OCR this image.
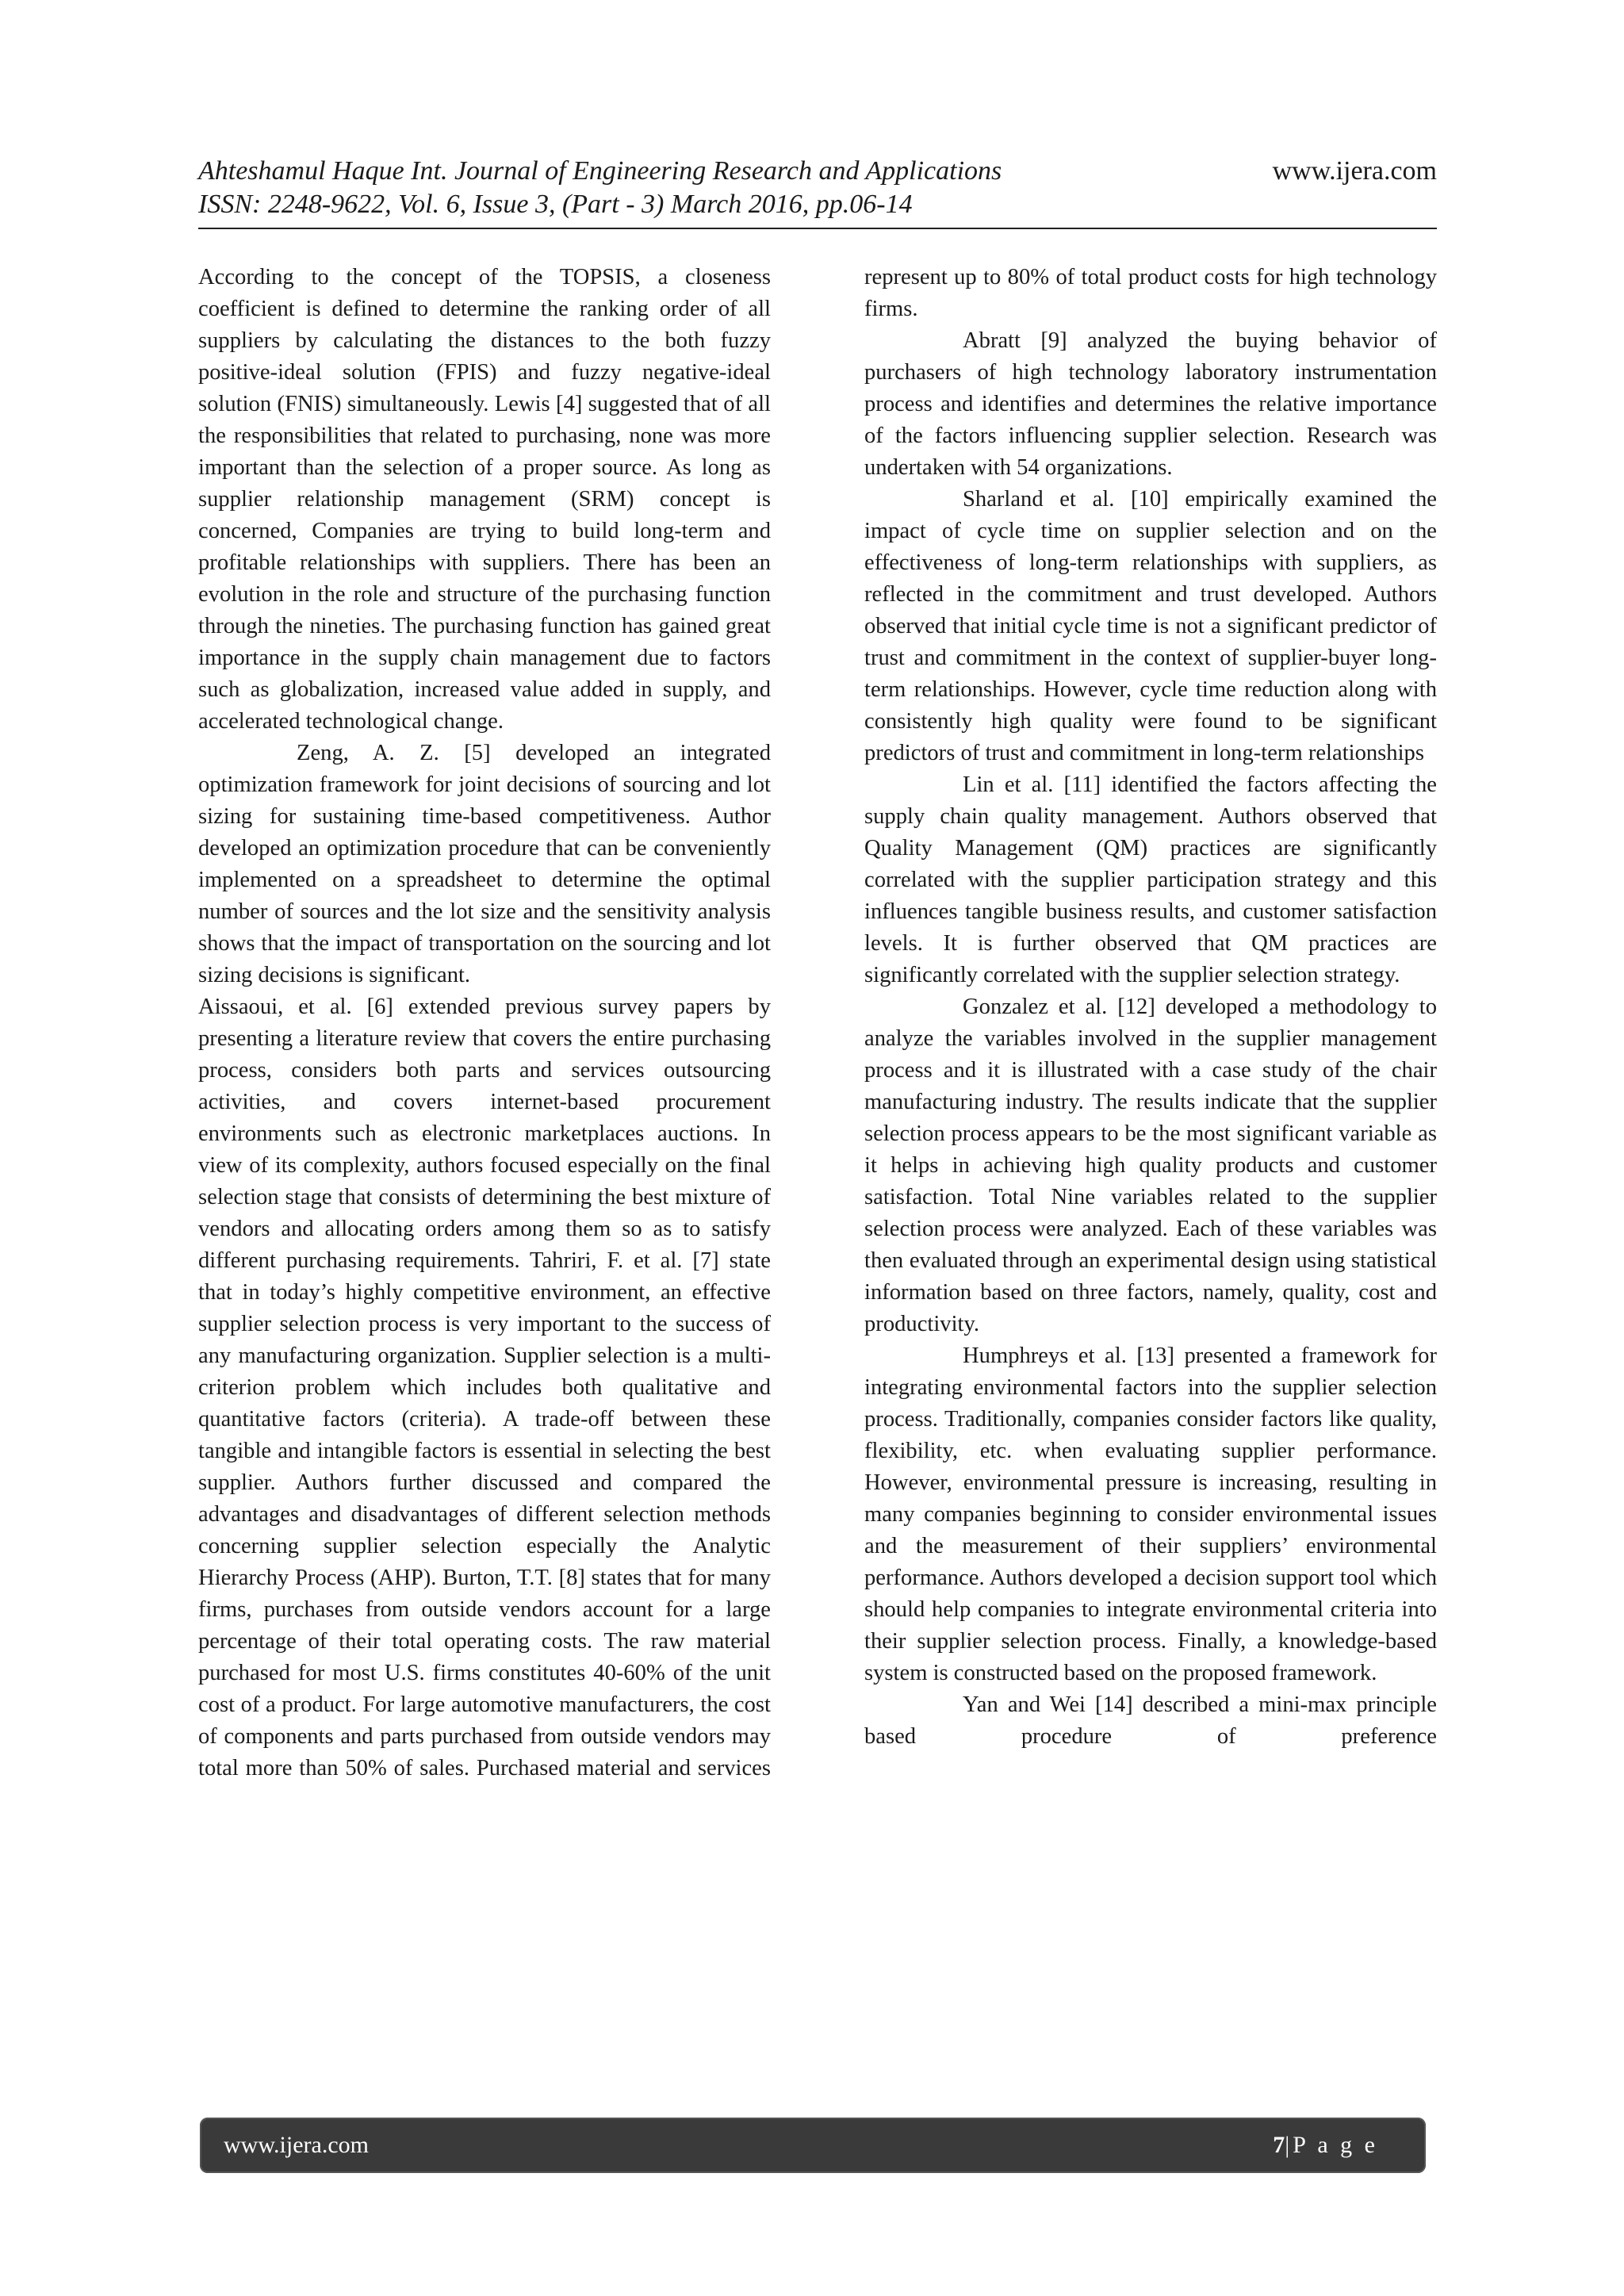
Ahteshamul Haque Int. Journal of Engineering Research and Applications	www.ijera.com
ISSN: 2248-9622, Vol. 6, Issue 3, (Part - 3) March 2016, pp.06-14

According to the concept of the TOPSIS, a closeness coefficient is defined to determine the ranking order of all suppliers by calculating the distances to the both fuzzy positive-ideal solution (FPIS) and fuzzy negative-ideal solution (FNIS) simultaneously. Lewis [4] suggested that of all the responsibilities that related to purchasing, none was more important than the selection of a proper source. As long as supplier relationship management (SRM) concept is concerned, Companies are trying to build long-term and profitable relationships with suppliers. There has been an evolution in the role and structure of the purchasing function through the nineties. The purchasing function has gained great importance in the supply chain management due to factors such as globalization, increased value added in supply, and accelerated technological change.

Zeng, A. Z. [5] developed an integrated optimization framework for joint decisions of sourcing and lot sizing for sustaining time-based competitiveness. Author developed an optimization procedure that can be conveniently implemented on a spreadsheet to determine the optimal number of sources and the lot size and the sensitivity analysis shows that the impact of transportation on the sourcing and lot sizing decisions is significant.

Aissaoui, et al. [6] extended previous survey papers by presenting a literature review that covers the entire purchasing process, considers both parts and services outsourcing activities, and covers internet-based procurement environments such as electronic marketplaces auctions. In view of its complexity, authors focused especially on the final selection stage that consists of determining the best mixture of vendors and allocating orders among them so as to satisfy different purchasing requirements. Tahriri, F. et al. [7] state that in today’s highly competitive environment, an effective supplier selection process is very important to the success of any manufacturing organization. Supplier selection is a multi-criterion problem which includes both qualitative and quantitative factors (criteria). A trade-off between these tangible and intangible factors is essential in selecting the best supplier. Authors further discussed and compared the advantages and disadvantages of different selection methods concerning supplier selection especially the Analytic Hierarchy Process (AHP). Burton, T.T. [8] states that for many firms, purchases from outside vendors account for a large percentage of their total operating costs. The raw material purchased for most U.S. firms constitutes 40-60% of the unit cost of a product. For large automotive manufacturers, the cost of components and parts purchased from outside vendors may total more than 50% of sales. Purchased material and services

represent up to 80% of total product costs for high technology firms.

Abratt [9] analyzed the buying behavior of purchasers of high technology laboratory instrumentation process and identifies and determines the relative importance of the factors influencing supplier selection. Research was undertaken with 54 organizations.

Sharland et al. [10] empirically examined the impact of cycle time on supplier selection and on the effectiveness of long-term relationships with suppliers, as reflected in the commitment and trust developed. Authors observed that initial cycle time is not a significant predictor of trust and commitment in the context of supplier-buyer long-term relationships. However, cycle time reduction along with consistently high quality were found to be significant predictors of trust and commitment in long-term relationships

Lin et al. [11] identified the factors affecting the supply chain quality management. Authors observed that Quality Management (QM) practices are significantly correlated with the supplier participation strategy and this influences tangible business results, and customer satisfaction levels. It is further observed that QM practices are significantly correlated with the supplier selection strategy.

Gonzalez et al. [12] developed a methodology to analyze the variables involved in the supplier management process and it is illustrated with a case study of the chair manufacturing industry. The results indicate that the supplier selection process appears to be the most significant variable as it helps in achieving high quality products and customer satisfaction. Total Nine variables related to the supplier selection process were analyzed. Each of these variables was then evaluated through an experimental design using statistical information based on three factors, namely, quality, cost and productivity.

Humphreys et al. [13] presented a framework for integrating environmental factors into the supplier selection process. Traditionally, companies consider factors like quality, flexibility, etc. when evaluating supplier performance. However, environmental pressure is increasing, resulting in many companies beginning to consider environmental issues and the measurement of their suppliers’ environmental performance. Authors developed a decision support tool which should help companies to integrate environmental criteria into their supplier selection process. Finally, a knowledge-based system is constructed based on the proposed framework.

Yan and Wei [14] described a mini-max principle based procedure of preference

www.ijera.com	7|P a g e
